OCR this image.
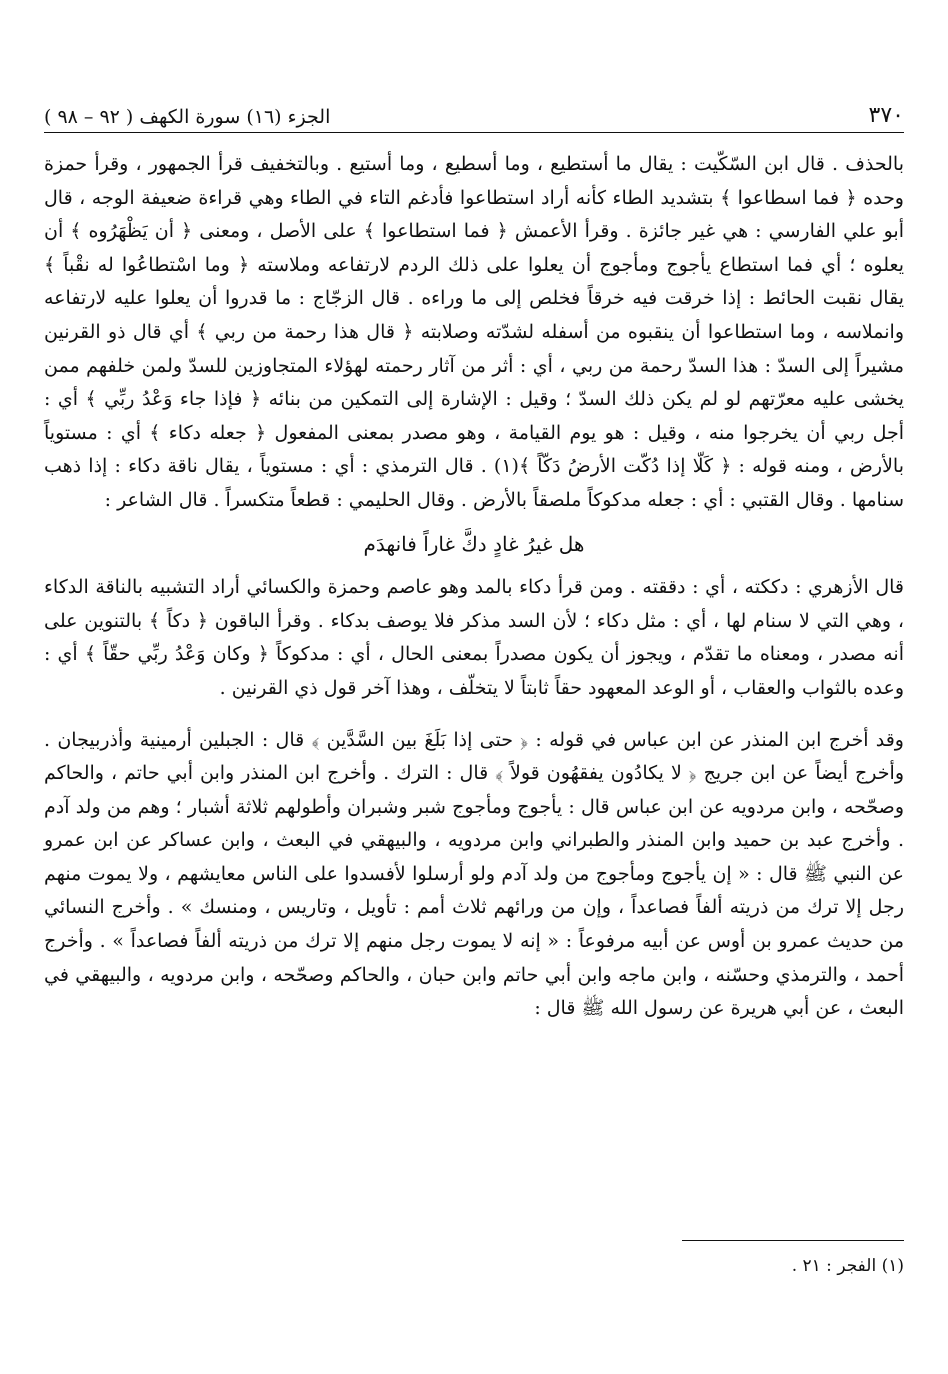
٣٧٠
الجزء (١٦) سورة الكهف ( ٩٢ – ٩٨ )

بالحذف . قال ابن السّكّيت : يقال ما أستطيع ، وما أسطيع ، وما أستيع . وبالتخفيف قرأ الجمهور ، وقرأ حمزة وحده ﴿ فما اسطاعوا ﴾ بتشديد الطاء كأنه أراد استطاعوا فأدغم التاء في الطاء وهي قراءة ضعيفة الوجه ، قال أبو علي الفارسي : هي غير جائزة . وقرأ الأعمش ﴿ فما استطاعوا ﴾ على الأصل ، ومعنى ﴿ أن يَظْهَرُوه ﴾ أن يعلوه ؛ أي فما استطاع يأجوج ومأجوج أن يعلوا على ذلك الردم لارتفاعه وملاسته ﴿ وما اسْتطاعُوا له نقْباً ﴾ يقال نقبت الحائط : إذا خرقت فيه خرقاً فخلص إلى ما وراءه . قال الزجّاج : ما قدروا أن يعلوا عليه لارتفاعه وانملاسه ، وما استطاعوا أن ينقبوه من أسفله لشدّته وصلابته ﴿ قال هذا رحمة من ربي ﴾ أي قال ذو القرنين مشيراً إلى السدّ : هذا السدّ رحمة من ربي ، أي : أثر من آثار رحمته لهؤلاء المتجاوزين للسدّ ولمن خلفهم ممن يخشى عليه معرّتهم لو لم يكن ذلك السدّ ؛ وقيل : الإشارة إلى التمكين من بنائه ﴿ فإذا جاء وَعْدُ ربِّي ﴾ أي : أجل ربي أن يخرجوا منه ، وقيل : هو يوم القيامة ، وهو مصدر بمعنى المفعول ﴿ جعله دكاء ﴾ أي : مستوياً بالأرض ، ومنه قوله : ﴿ كَلّا إذا دُكّت الأرضُ دَكّاً ﴾(١) . قال الترمذي : أي : مستوياً ، يقال ناقة دكاء : إذا ذهب سنامها . وقال القتبي : أي : جعله مدكوكاً ملصقاً بالأرض . وقال الحليمي : قطعاً متكسراً . قال الشاعر :

هل غيرُ غادٍ دكَّ غاراً فانهدَم

قال الأزهري : دككته ، أي : دققته . ومن قرأ دكاء بالمد وهو عاصم وحمزة والكسائي أراد التشبيه بالناقة الدكاء ، وهي التي لا سنام لها ، أي : مثل دكاء ؛ لأن السد مذكر فلا يوصف بدكاء . وقرأ الباقون ﴿ دكاً ﴾ بالتنوين على أنه مصدر ، ومعناه ما تقدّم ، ويجوز أن يكون مصدراً بمعنى الحال ، أي : مدكوكاً ﴿ وكان وَعْدُ ربِّي حقّاً ﴾ أي : وعده بالثواب والعقاب ، أو الوعد المعهود حقاً ثابتاً لا يتخلّف ، وهذا آخر قول ذي القرنين .

وقد أخرج ابن المنذر عن ابن عباس في قوله : ﴿ حتى إذا بَلَغَ بين السَّدَّين ﴾ قال : الجبلين أرمينية وأذربيجان . وأخرج أيضاً عن ابن جريج ﴿ لا يكادُون يفقهُون قولاً ﴾ قال : الترك . وأخرج ابن المنذر وابن أبي حاتم ، والحاكم وصحّحه ، وابن مردويه عن ابن عباس قال : يأجوج ومأجوج شبر وشبران وأطولهم ثلاثة أشبار ؛ وهم من ولد آدم . وأخرج عبد بن حميد وابن المنذر والطبراني وابن مردويه ، والبيهقي في البعث ، وابن عساكر عن ابن عمرو عن النبي ﷺ قال : « إن يأجوج ومأجوج من ولد آدم ولو أرسلوا لأفسدوا على الناس معايشهم ، ولا يموت منهم رجل إلا ترك من ذريته ألفاً فصاعداً ، وإن من ورائهم ثلاث أمم : تأويل ، وتاريس ، ومنسك » . وأخرج النسائي من حديث عمرو بن أوس عن أبيه مرفوعاً : « إنه لا يموت رجل منهم إلا ترك من ذريته ألفاً فصاعداً » . وأخرج أحمد ، والترمذي وحسّنه ، وابن ماجه وابن أبي حاتم وابن حبان ، والحاكم وصحّحه ، وابن مردويه ، والبيهقي في البعث ، عن أبي هريرة عن رسول الله ﷺ قال :

(١) الفجر : ٢١ .
